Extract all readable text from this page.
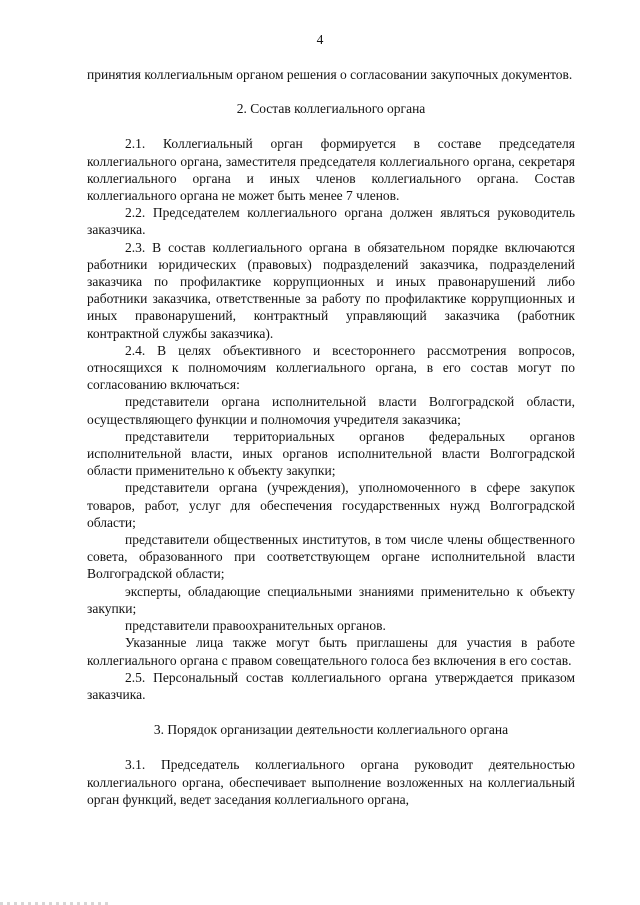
4

принятия коллегиальным органом решения о согласовании закупочных документов.

2. Состав коллегиального органа

2.1. Коллегиальный орган формируется в составе председателя коллегиального органа, заместителя председателя коллегиального органа, секретаря коллегиального органа и иных членов коллегиального органа. Состав коллегиального органа не может быть менее 7 членов.

2.2. Председателем коллегиального органа должен являться руководитель заказчика.

2.3. В состав коллегиального органа в обязательном порядке включаются работники юридических (правовых) подразделений заказчика, подразделений заказчика по профилактике коррупционных и иных правонарушений либо работники заказчика, ответственные за работу по профилактике коррупционных и иных правонарушений, контрактный управляющий заказчика (работник контрактной службы заказчика).

2.4. В целях объективного и всестороннего рассмотрения вопросов, относящихся к полномочиям коллегиального органа, в его состав могут по согласованию включаться:

представители органа исполнительной власти Волгоградской области, осуществляющего функции и полномочия учредителя заказчика;

представители территориальных органов федеральных органов исполнительной власти, иных органов исполнительной власти Волгоградской области применительно к объекту закупки;

представители органа (учреждения), уполномоченного в сфере закупок товаров, работ, услуг для обеспечения государственных нужд Волгоградской области;

представители общественных институтов, в том числе члены общественного совета, образованного при соответствующем органе исполнительной власти Волгоградской области;

эксперты, обладающие специальными знаниями применительно к объекту закупки;

представители правоохранительных органов.

Указанные лица также могут быть приглашены для участия в работе коллегиального органа с правом совещательного голоса без включения в его состав.

2.5. Персональный состав коллегиального органа утверждается приказом заказчика.

3. Порядок организации деятельности коллегиального органа

3.1. Председатель коллегиального органа руководит деятельностью коллегиального органа, обеспечивает выполнение возложенных на коллегиальный орган функций, ведет заседания коллегиального органа,
